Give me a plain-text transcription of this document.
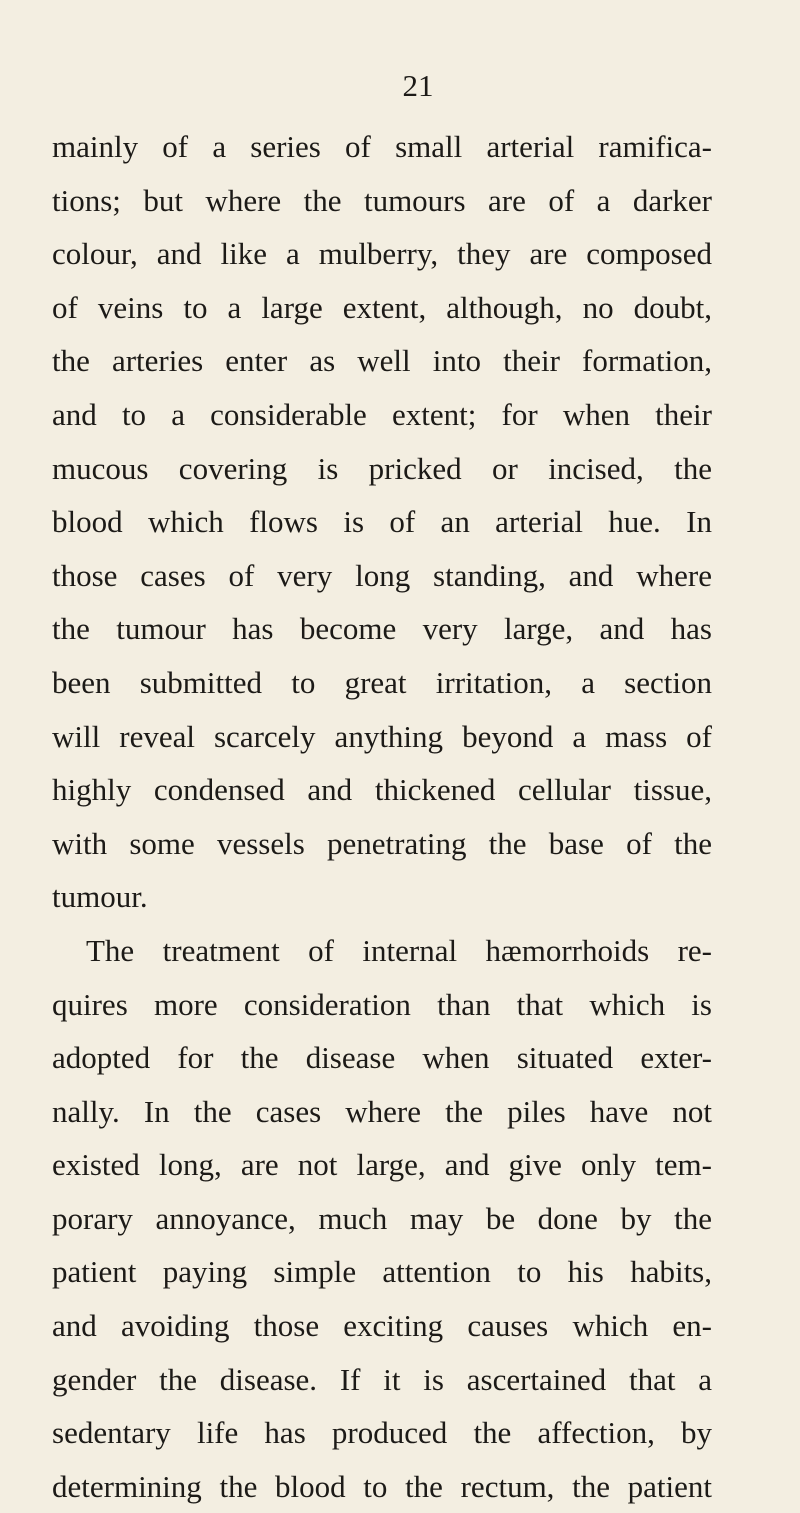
21
mainly of a series of small arterial ramifica-
tions; but where the tumours are of a darker
colour, and like a mulberry, they are composed
of veins to a large extent, although, no doubt,
the arteries enter as well into their formation,
and to a considerable extent; for when their
mucous covering is pricked or incised, the
blood which flows is of an arterial hue. In
those cases of very long standing, and where
the tumour has become very large, and has
been submitted to great irritation, a section
will reveal scarcely anything beyond a mass of
highly condensed and thickened cellular tissue,
with some vessels penetrating the base of the
tumour.
The treatment of internal hæmorrhoids re-
quires more consideration than that which is
adopted for the disease when situated exter-
nally. In the cases where the piles have not
existed long, are not large, and give only tem-
porary annoyance, much may be done by the
patient paying simple attention to his habits,
and avoiding those exciting causes which en-
gender the disease. If it is ascertained that a
sedentary life has produced the affection, by
determining the blood to the rectum, the patient
